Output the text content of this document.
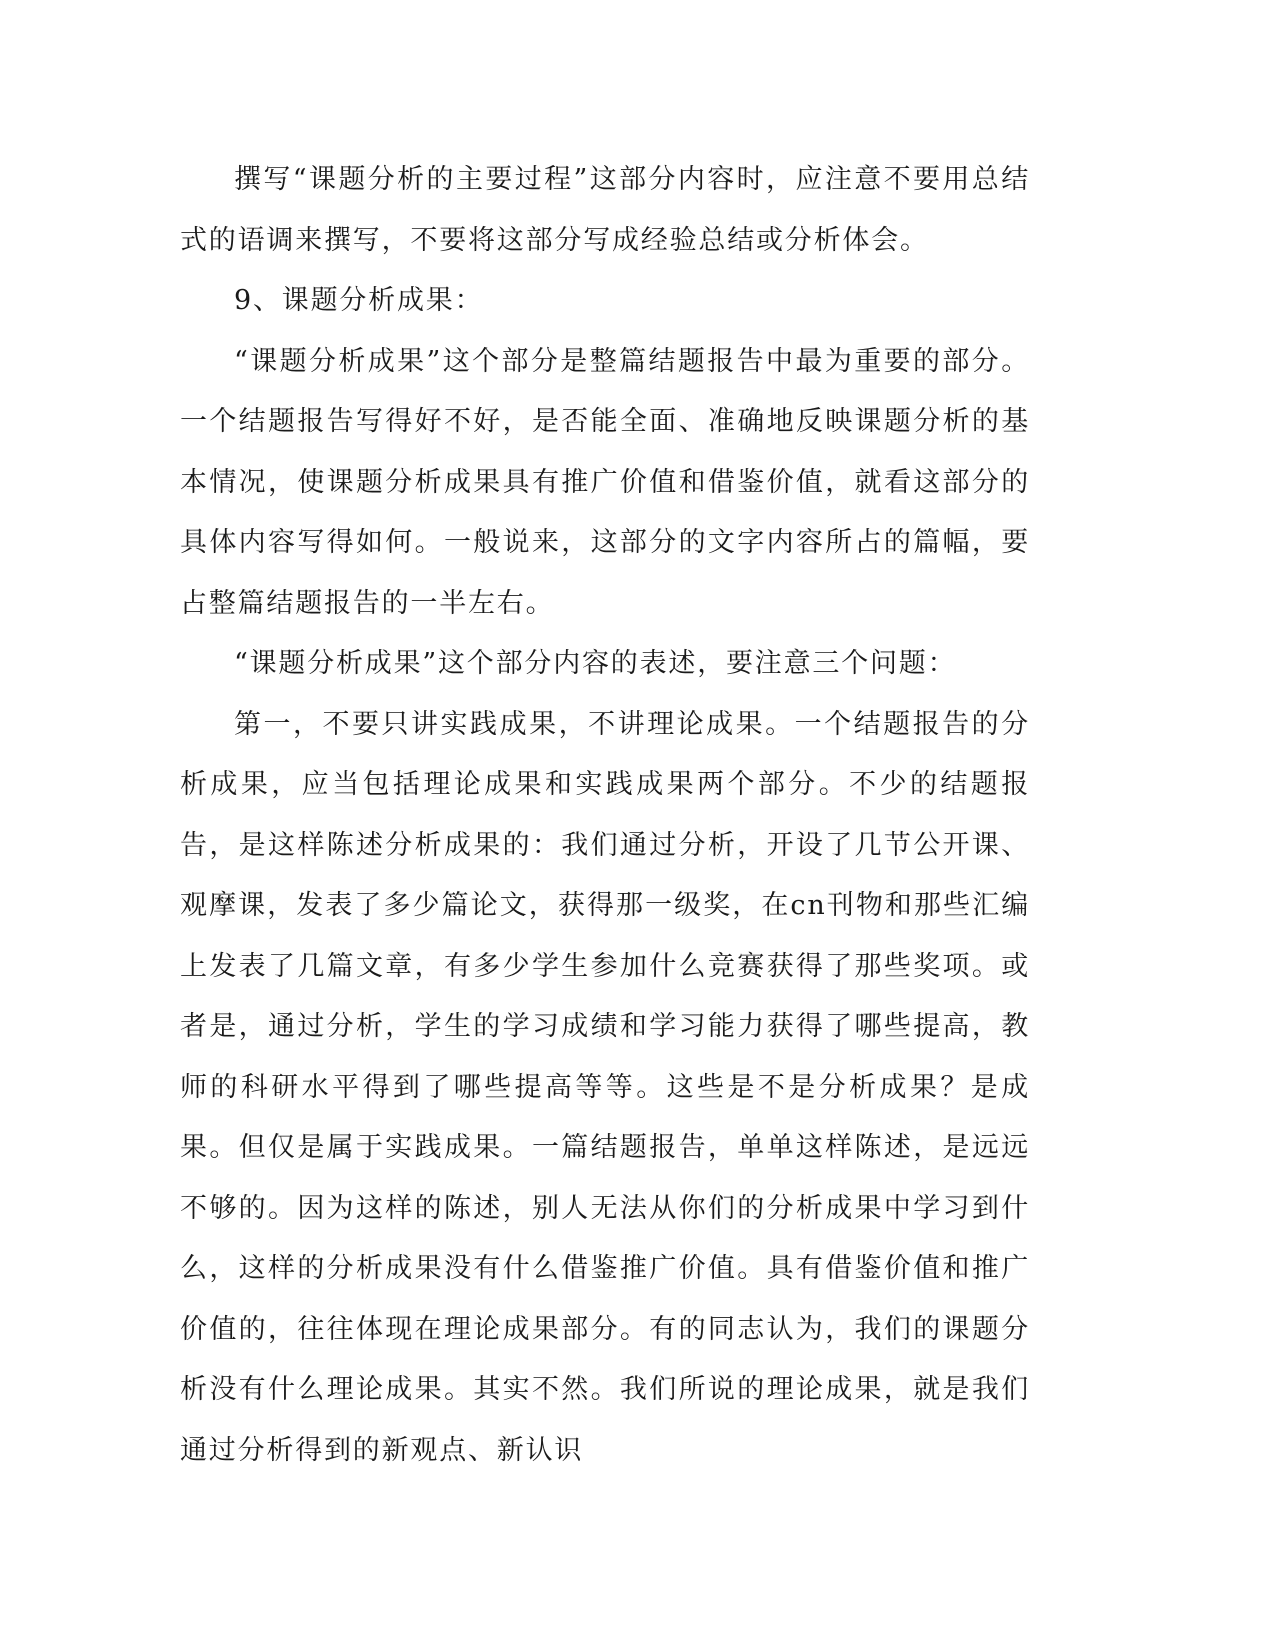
撰写“课题分析的主要过程”这部分内容时，应注意不要用总结式的语调来撰写，不要将这部分写成经验总结或分析体会。

9、课题分析成果：

“课题分析成果”这个部分是整篇结题报告中最为重要的部分。一个结题报告写得好不好，是否能全面、准确地反映课题分析的基本情况，使课题分析成果具有推广价值和借鉴价值，就看这部分的具体内容写得如何。一般说来，这部分的文字内容所占的篇幅，要占整篇结题报告的一半左右。

“课题分析成果”这个部分内容的表述，要注意三个问题：

第一，不要只讲实践成果，不讲理论成果。一个结题报告的分析成果，应当包括理论成果和实践成果两个部分。不少的结题报告，是这样陈述分析成果的：我们通过分析，开设了几节公开课、观摩课，发表了多少篇论文，获得那一级奖，在cn刊物和那些汇编上发表了几篇文章，有多少学生参加什么竞赛获得了那些奖项。或者是，通过分析，学生的学习成绩和学习能力获得了哪些提高，教师的科研水平得到了哪些提高等等。这些是不是分析成果？是成果。但仅是属于实践成果。一篇结题报告，单单这样陈述，是远远不够的。因为这样的陈述，别人无法从你们的分析成果中学习到什么，这样的分析成果没有什么借鉴推广价值。具有借鉴价值和推广价值的，往往体现在理论成果部分。有的同志认为，我们的课题分析没有什么理论成果。其实不然。我们所说的理论成果，就是我们通过分析得到的新观点、新认识
